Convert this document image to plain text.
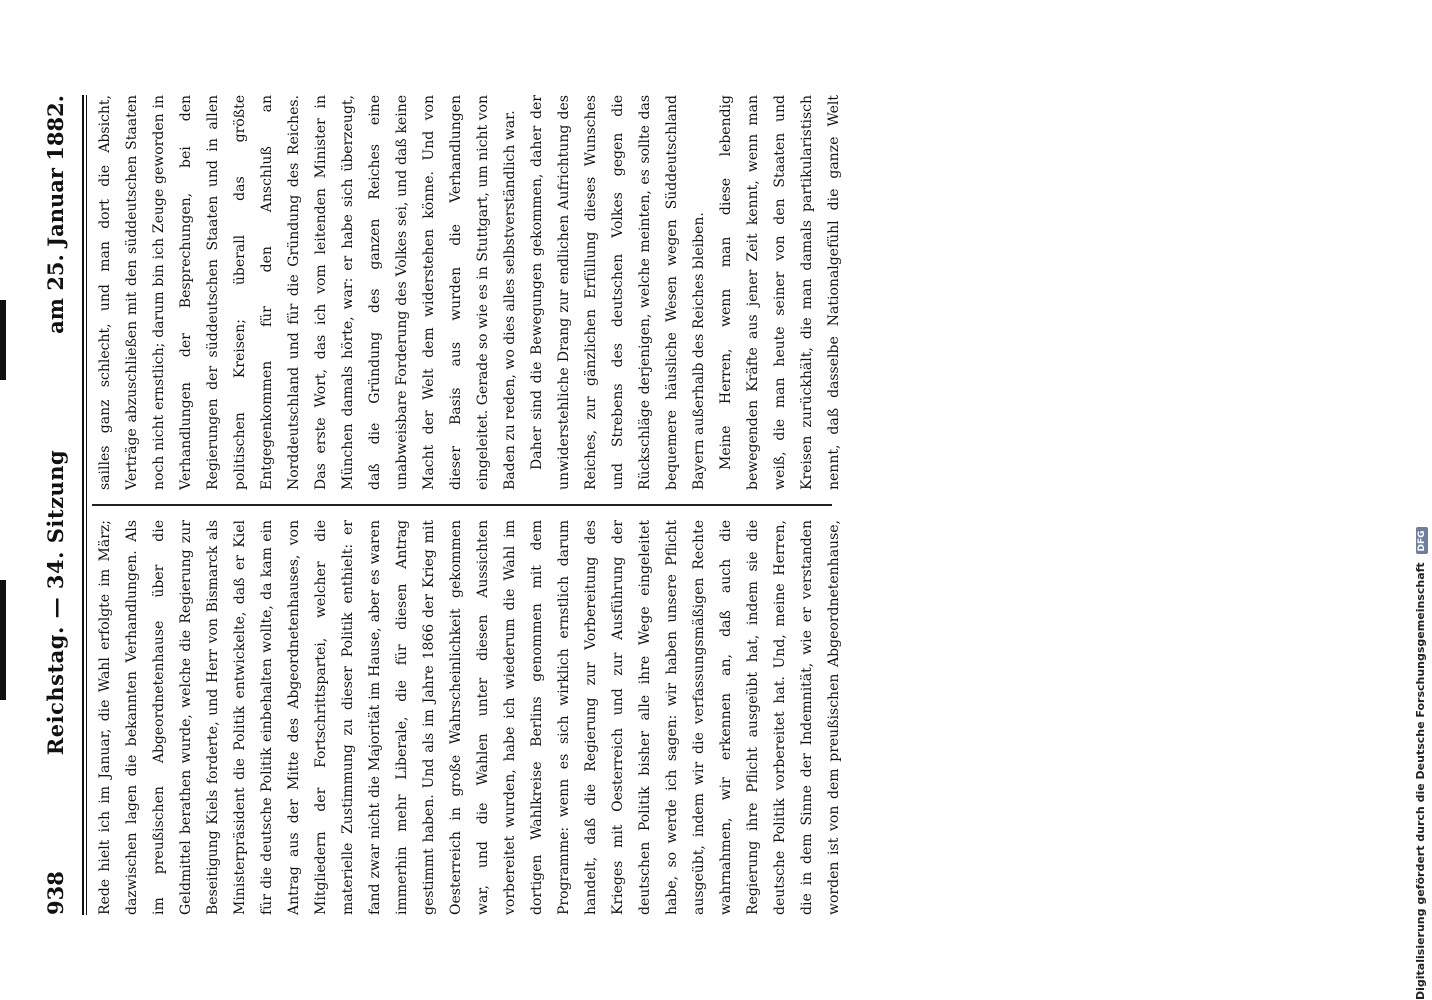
938
Reichstag. — 34. Sitzung
am 25. Januar 1882.

Rede hielt ich im Januar, die Wahl erfolgte im März; dazwischen lagen die bekannten Verhandlungen. Als im preußischen Abgeordnetenhause über die Geldmittel berathen wurde, welche die Regierung zur Beseitigung Kiels forderte, und Herr von Bismarck als Ministerpräsident die Politik entwickelte, daß er Kiel für die deutsche Politik einbehalten wollte, da kam ein Antrag aus der Mitte des Abgeordnetenhauses, von Mitgliedern der Fortschrittspartei, welcher die materielle Zustimmung zu dieser Politik enthielt: er fand zwar nicht die Majorität im Hause, aber es waren immerhin mehr Liberale, die für diesen Antrag gestimmt haben. Und als im Jahre 1866 der Krieg mit Oesterreich in große Wahrscheinlichkeit gekommen war, und die Wahlen unter diesen Aussichten vorbereitet wurden, habe ich wiederum die Wahl im dortigen Wahlkreise Berlins genommen mit dem Programme: wenn es sich wirklich ernstlich darum handelt, daß die Regierung zur Vorbereitung des Krieges mit Oesterreich und zur Ausführung der deutschen Politik bisher alle ihre Wege eingeleitet habe, so werde ich sagen: wir haben unsere Pflicht ausgeübt, indem wir die verfassungsmäßigen Rechte wahrnahmen, wir erkennen an, daß auch die Regierung ihre Pflicht ausgeübt hat, indem sie die deutsche Politik vorbereitet hat. Und, meine Herren, die in dem Sinne der Indemnität, wie er verstanden worden ist von dem preußischen Abgeordnetenhause,

sailles ganz schlecht, und man dort die Absicht, Verträge abzuschließen mit den süddeutschen Staaten noch nicht ernstlich; darum bin ich Zeuge geworden in Verhandlungen der Besprechungen, bei den Regierungen der süddeutschen Staaten und in allen politischen Kreisen; überall das größte Entgegenkommen für den Anschluß an Norddeutschland und für die Gründung des Reiches. Das erste Wort, das ich vom leitenden Minister in München damals hörte, war: er habe sich überzeugt, daß die Gründung des ganzen Reiches eine unabweisbare Forderung des Volkes sei, und daß keine Macht der Welt dem widerstehen könne. Und von dieser Basis aus wurden die Verhandlungen eingeleitet. Gerade so wie es in Stuttgart, um nicht von Baden zu reden, wo dies alles selbstverständlich war. Daher sind die Bewegungen gekommen, daher der unwiderstehliche Drang zur endlichen Aufrichtung des Reiches, zur gänzlichen Erfüllung dieses Wunsches und Strebens des deutschen Volkes gegen die Rückschläge derjenigen, welche meinten, es sollte das bequemere häusliche Wesen wegen Süddeutschland Bayern außerhalb des Reiches bleiben. Meine Herren, wenn man diese lebendig bewegenden Kräfte aus jener Zeit kennt, wenn man weiß, die man heute seiner von den Staaten und Kreisen zurückhält, die man damals partikularistisch nennt, daß dasselbe Nationalgefühl die ganze Welt

Digitalisierung gefördert durch die Deutsche Forschungsgemeinschaft DFG
